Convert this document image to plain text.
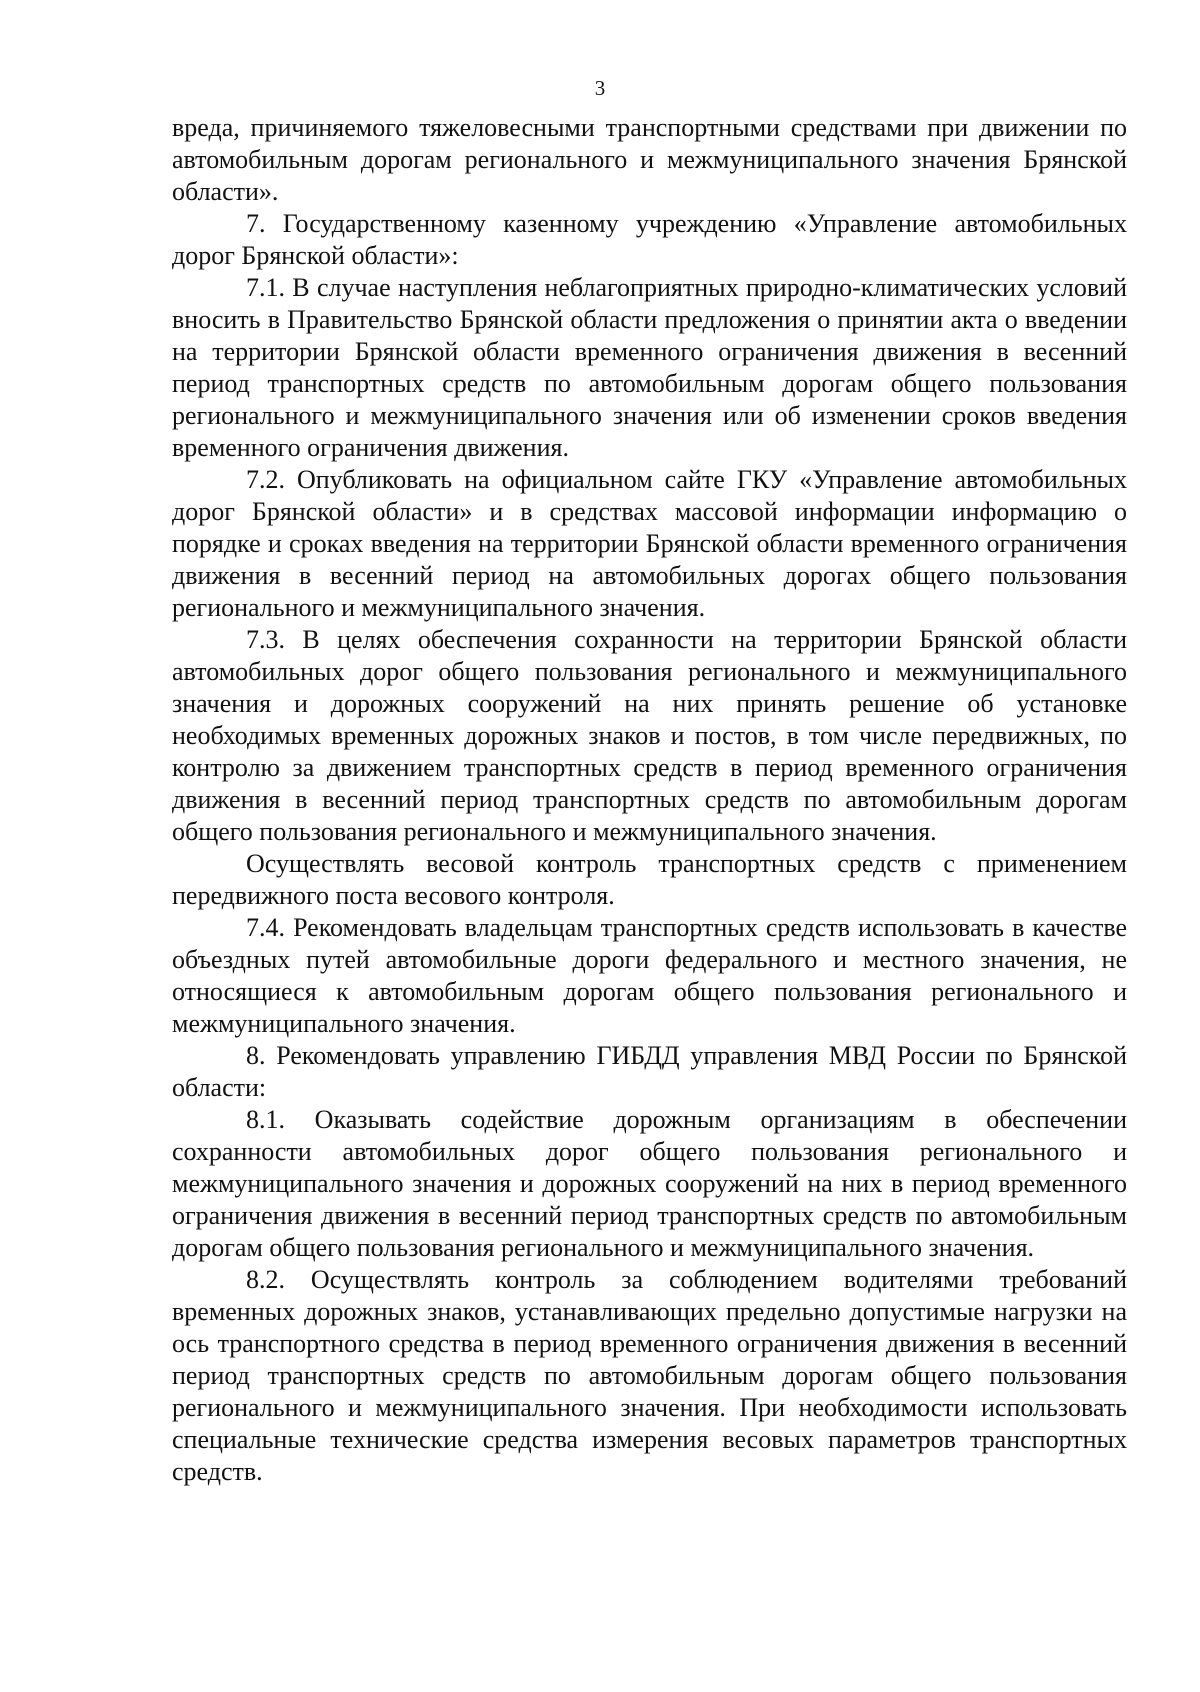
3

вреда, причиняемого тяжеловесными транспортными средствами при движении по автомобильным дорогам регионального и межмуниципального значения Брянской области».

7. Государственному казенному учреждению «Управление автомобильных дорог Брянской области»:

7.1. В случае наступления неблагоприятных природно-климатических условий вносить в Правительство Брянской области предложения о принятии акта о введении на территории Брянской области временного ограничения движения в весенний период транспортных средств по автомобильным дорогам общего пользования регионального и межмуниципального значения или об изменении сроков введения временного ограничения движения.

7.2. Опубликовать на официальном сайте ГКУ «Управление автомобильных дорог Брянской области» и в средствах массовой информации информацию о порядке и сроках введения на территории Брянской области временного ограничения движения в весенний период на автомобильных дорогах общего пользования регионального и межмуниципального значения.

7.3. В целях обеспечения сохранности на территории Брянской области автомобильных дорог общего пользования регионального и межмуниципального значения и дорожных сооружений на них принять решение об установке необходимых временных дорожных знаков и постов, в том числе передвижных, по контролю за движением транспортных средств в период временного ограничения движения в весенний период транспортных средств по автомобильным дорогам общего пользования регионального и межмуниципального значения.

Осуществлять весовой контроль транспортных средств с применением передвижного поста весового контроля.

7.4. Рекомендовать владельцам транспортных средств использовать в качестве объездных путей автомобильные дороги федерального и местного значения, не относящиеся к автомобильным дорогам общего пользования регионального и межмуниципального значения.

8. Рекомендовать управлению ГИБДД управления МВД России по Брянской области:

8.1. Оказывать содействие дорожным организациям в обеспечении сохранности автомобильных дорог общего пользования регионального и межмуниципального значения и дорожных сооружений на них в период временного ограничения движения в весенний период транспортных средств по автомобильным дорогам общего пользования регионального и межмуниципального значения.

8.2. Осуществлять контроль за соблюдением водителями требований временных дорожных знаков, устанавливающих предельно допустимые нагрузки на ось транспортного средства в период временного ограничения движения в весенний период транспортных средств по автомобильным дорогам общего пользования регионального и межмуниципального значения. При необходимости использовать специальные технические средства измерения весовых параметров транспортных средств.
